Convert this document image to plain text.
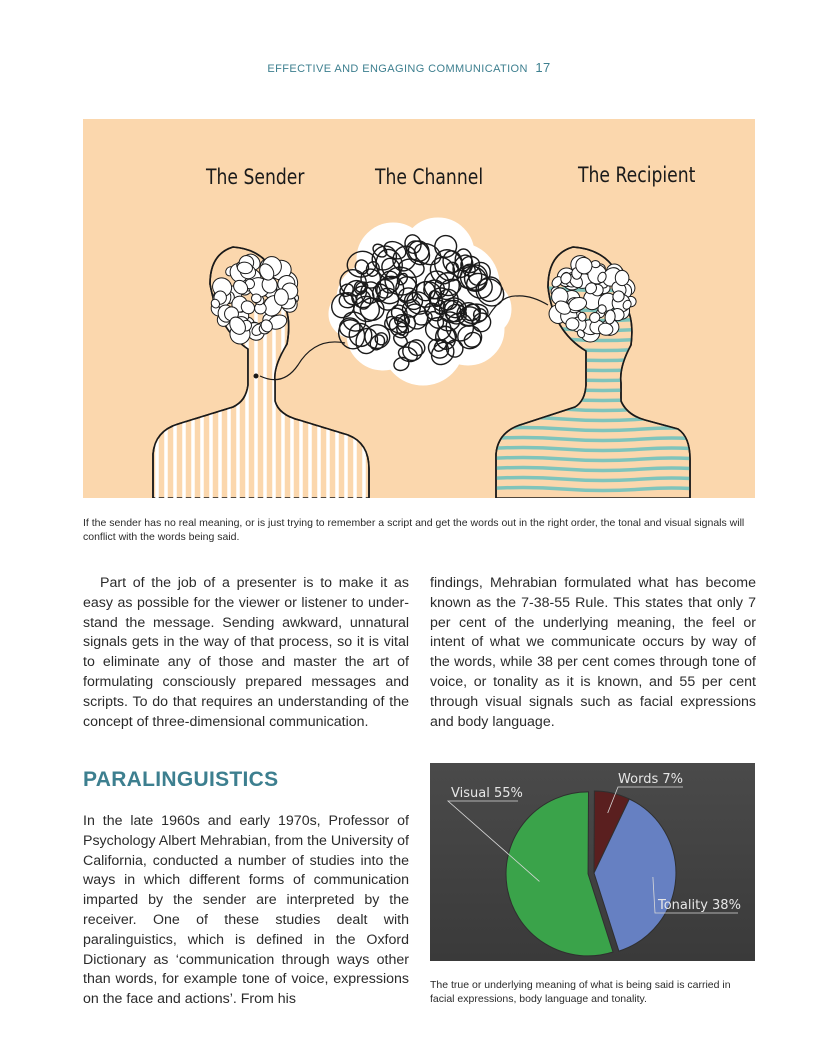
EFFECTIVE AND ENGAGING COMMUNICATION 17
The Sender	The Channel	The Recipient
If the sender has no real meaning, or is just trying to remember a script and get the words out in the right order, the tonal and visual signals will conflict with the words being said.

Part of the job of a presenter is to make it as easy as possible for the viewer or listener to understand the message. Sending awkward, unnatural signals gets in the way of that process, so it is vital to eliminate any of those and master the art of formulating consciously prepared messages and scripts. To do that requires an understanding of the concept of three-dimensional communication.

findings, Mehrabian formulated what has become known as the 7-38-55 Rule. This states that only 7 per cent of the underlying meaning, the feel or intent of what we communicate occurs by way of the words, while 38 per cent comes through tone of voice, or tonality as it is known, and 55 per cent through visual signals such as facial expressions and body language.

PARALINGUISTICS

In the late 1960s and early 1970s, Professor of Psychology Albert Mehrabian, from the University of California, conducted a number of studies into the ways in which different forms of communication imparted by the sender are interpreted by the receiver. One of these studies dealt with paralinguistics, which is defined in the Oxford Dictionary as ‘communication through ways other than words, for example tone of voice, expressions on the face and actions’. From his

Words 7%
Tonality 38%
Visual 55%
The true or underlying meaning of what is being said is carried in facial expressions, body language and tonality.
